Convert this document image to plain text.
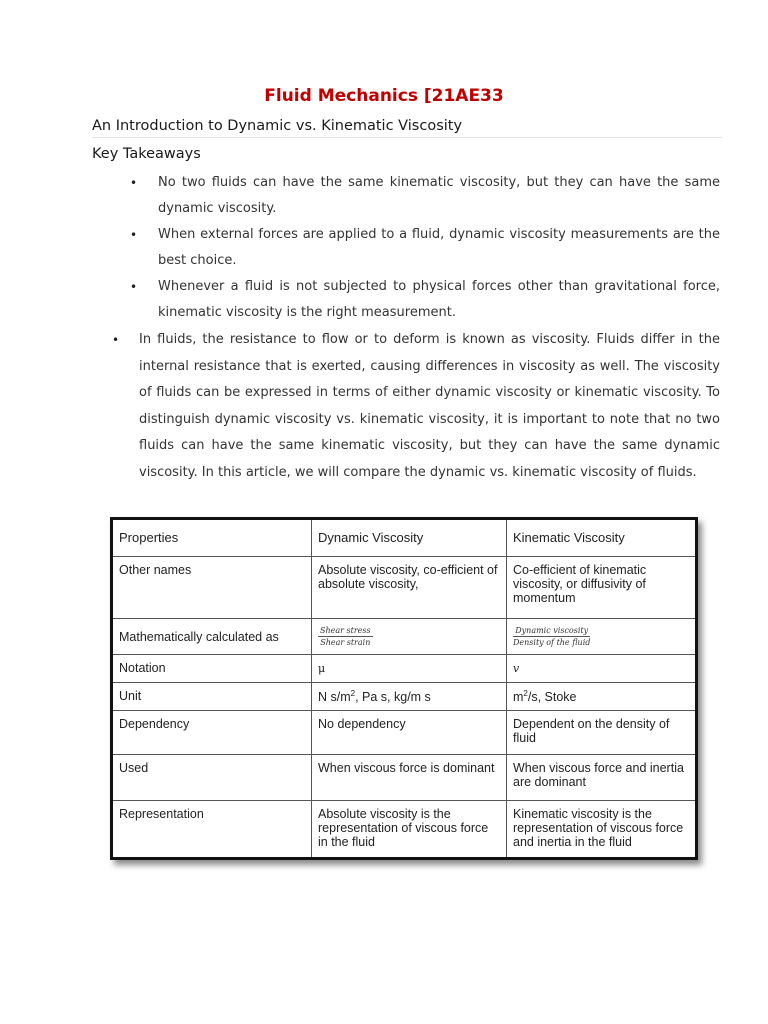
Fluid Mechanics [21AE33
An Introduction to Dynamic vs. Kinematic Viscosity
Key Takeaways
• No two fluids can have the same kinematic viscosity, but they can have the same dynamic viscosity.
• When external forces are applied to a fluid, dynamic viscosity measurements are the best choice.
• Whenever a fluid is not subjected to physical forces other than gravitational force, kinematic viscosity is the right measurement.
• In fluids, the resistance to flow or to deform is known as viscosity. Fluids differ in the internal resistance that is exerted, causing differences in viscosity as well. The viscosity of fluids can be expressed in terms of either dynamic viscosity or kinematic viscosity. To distinguish dynamic viscosity vs. kinematic viscosity, it is important to note that no two fluids can have the same kinematic viscosity, but they can have the same dynamic viscosity. In this article, we will compare the dynamic vs. kinematic viscosity of fluids.
Properties	Dynamic Viscosity	Kinematic Viscosity
Other names	Absolute viscosity, co-efficient of absolute viscosity,	Co-efficient of kinematic viscosity, or diffusivity of momentum
Mathematically calculated as	$\frac{\text{Shear stress}}{\text{Shear strain}}$	$\frac{\text{Dynamic viscosity}}{\text{Density of the fluid}}$

Notation	μ	v
Unit	N $s/m^2$, Pa s, kg/m s	$m^2/s$, Stoke
Dependency	No dependency	Dependent on the density of fluid
Used	When viscous force is dominant	When viscous force and inertia are dominant
Representation	Absolute viscosity is the representation of viscous force in the fluid	Kinematic viscosity is the representation of viscous force and inertia in the fluid
